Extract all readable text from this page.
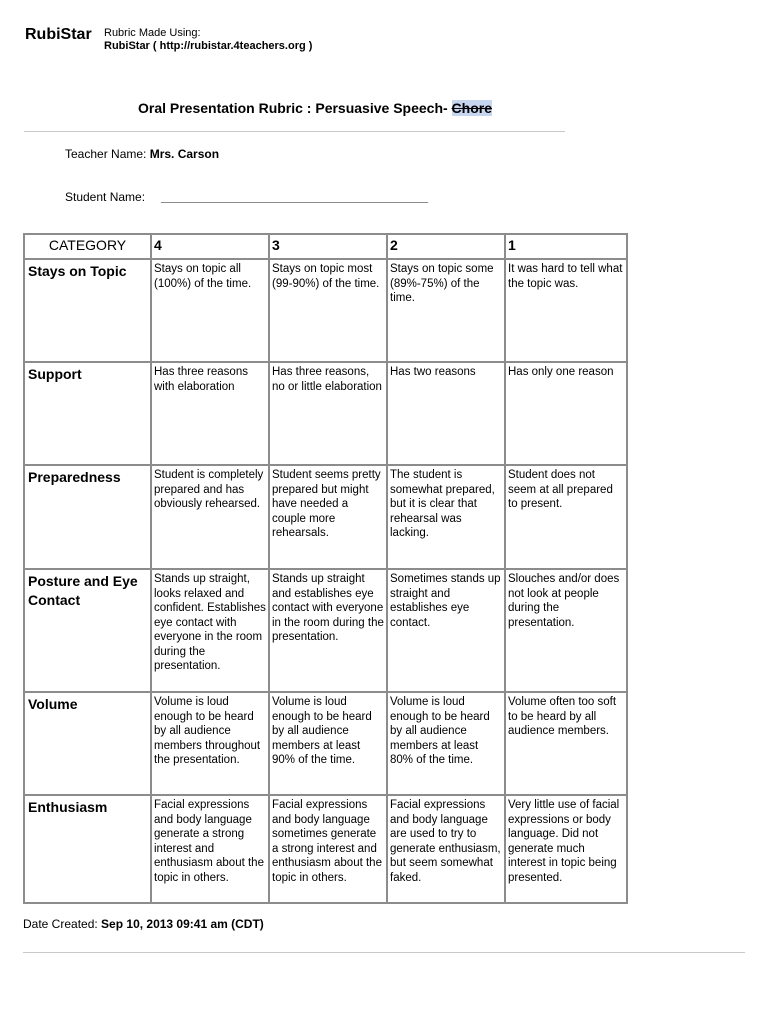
RubiStar Rubric Made Using:
RubiStar ( http://rubistar.4teachers.org )
Oral Presentation Rubric : Persuasive Speech- Chore
Teacher Name: Mrs. Carson
Student Name: ________________________________________
CATEGORY	4	3	2	1
Stays on Topic	Stays on topic all (100%) of the time.	Stays on topic most (99-90%) of the time.	Stays on topic some (89%-75%) of the time.	It was hard to tell what the topic was.
Support	Has three reasons with elaboration	Has three reasons, no or little elaboration	Has two reasons	Has only one reason
Preparedness	Student is completely prepared and has obviously rehearsed.	Student seems pretty prepared but might have needed a couple more rehearsals.	The student is somewhat prepared, but it is clear that rehearsal was lacking.	Student does not seem at all prepared to present.
Posture and Eye Contact	Stands up straight, looks relaxed and confident. Establishes eye contact with everyone in the room during the presentation.	Stands up straight and establishes eye contact with everyone in the room during the presentation.	Sometimes stands up straight and establishes eye contact.	Slouches and/or does not look at people during the presentation.
Volume	Volume is loud enough to be heard by all audience members throughout the presentation.	Volume is loud enough to be heard by all audience members at least 90% of the time.	Volume is loud enough to be heard by all audience members at least 80% of the time.	Volume often too soft to be heard by all audience members.
Enthusiasm	Facial expressions and body language generate a strong interest and enthusiasm about the topic in others.	Facial expressions and body language sometimes generate a strong interest and enthusiasm about the topic in others.	Facial expressions and body language are used to try to generate enthusiasm, but seem somewhat faked.	Very little use of facial expressions or body language. Did not generate much interest in topic being presented.
Date Created: Sep 10, 2013 09:41 am (CDT)
